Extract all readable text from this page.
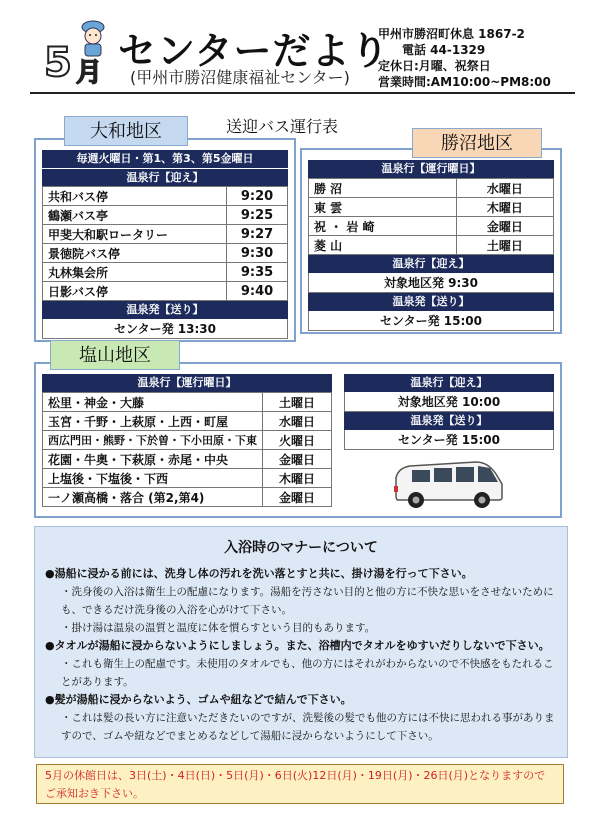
5 月 センターだより
(甲州市勝沼健康福祉センター)
甲州市勝沼町休息 1867-2
電話 44-1329
定休日:月曜、祝祭日
営業時間:AM10:00~PM8:00
送迎バス運行表
毎週火曜日・第1、第3、第5金曜日
温泉行【迎え】
共和バス停	9:20
鶴瀬バス亭	9:25
甲斐大和駅ロータリー	9:27
景徳院バス停	9:30
丸林集会所	9:35
日影バス停	9:40
温泉発【送り】
センター発 13:30
大和地区
温泉行【運行曜日】
勝 沼	水曜日
東 雲	木曜日
祝 ・ 岩 崎	金曜日
菱 山	土曜日
温泉行【迎え】
対象地区発 9:30
温泉発【送り】
センター発 15:00
勝沼地区
温泉行【運行曜日】
松里・神金・大藤	土曜日
玉宮・千野・上萩原・上西・町屋	水曜日
西広門田・熊野・下於曽・下小田原・下東	火曜日
花園・牛奥・下萩原・赤尾・中央	金曜日
上塩後・下塩後・下西	木曜日
一ノ瀬高橋・落合 (第2,第4)	金曜日
温泉行【迎え】
対象地区発 10:00
温泉発【送り】
センター発 15:00
塩山地区
入浴時のマナーについて

●湯船に浸かる前には、洗身し体の汚れを洗い落とすと共に、掛け湯を行って下さい。

・洗身後の入浴は衛生上の配慮になります。湯船を汚さない目的と他の方に不快な思いをさせないためにも、できるだけ洗身後の入浴を心がけて下さい。

・掛け湯は温泉の温質と温度に体を慣らすという目的もあります。

●タオルが湯船に浸からないようにしましょう。また、浴槽内でタオルをゆすいだりしないで下さい。

・これも衛生上の配慮です。未使用のタオルでも、他の方にはそれがわからないので不快感をもたれることがあります。

●髪が湯船に浸からないよう、ゴムや紐などで結んで下さい。

・これは髪の長い方に注意いただきたいのですが、洗髪後の髪でも他の方には不快に思われる事がありますので、ゴムや紐などでまとめるなどして湯船に浸からないようにして下さい。

5月の休館日は、3日(土)・4日(日)・5日(月)・6日(火)12日(月)・19日(月)・26日(月)となりますのでご承知おき下さい。
